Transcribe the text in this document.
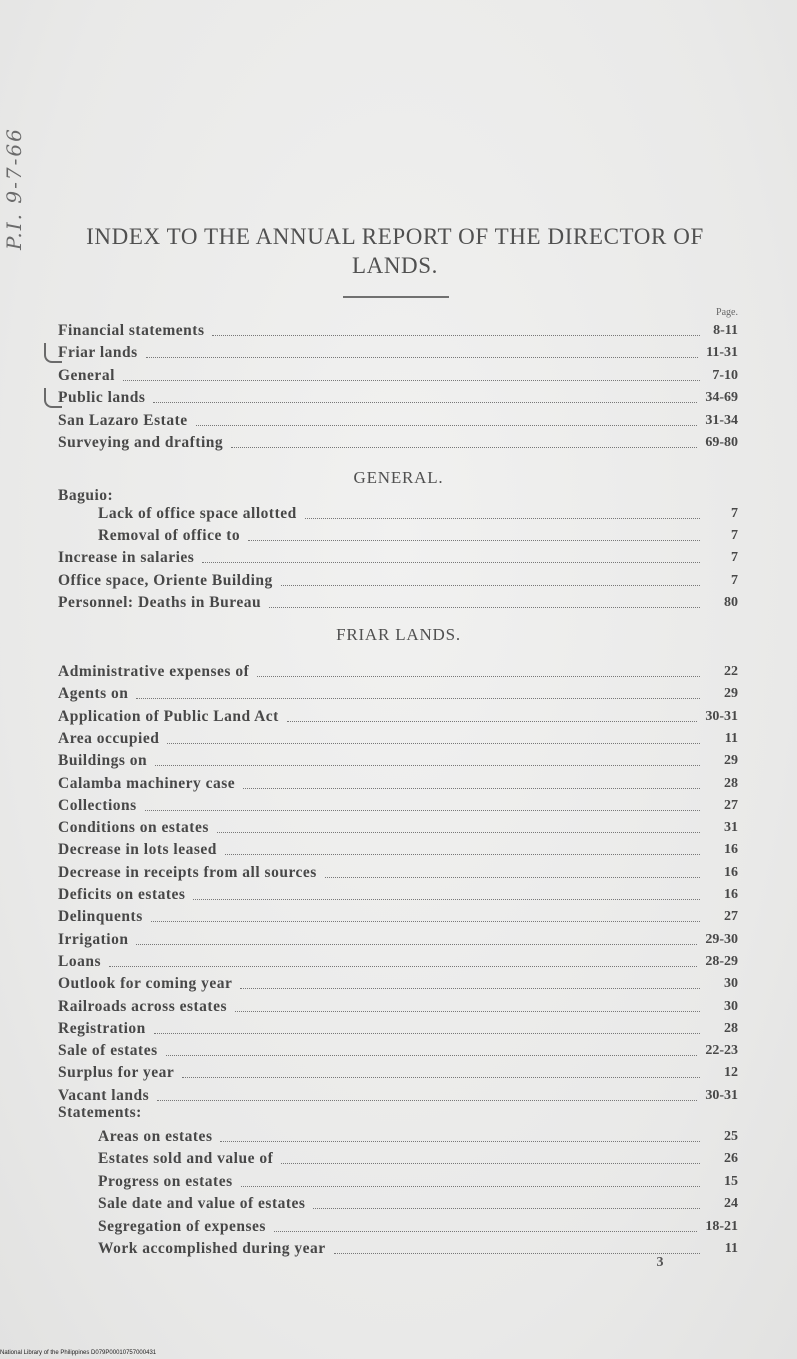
P.I. 9-7-66	INDEX TO THE ANNUAL REPORT OF THE DIRECTOR OF LANDS.
Page.
Financial statements	8-11
Friar lands	11-31
General	7-10
Public lands	34-69
San Lazaro Estate	31-34
Surveying and drafting	69-80
GENERAL.
Baguio:
Lack of office space allotted	7
Removal of office to	7
Increase in salaries	7
Office space, Oriente Building	7
Personnel: Deaths in Bureau	80
FRIAR LANDS.
Administrative expenses of	22
Agents on	29
Application of Public Land Act	30-31
Area occupied	11
Buildings on	29
Calamba machinery case	28
Collections	27
Conditions on estates	31
Decrease in lots leased	16
Decrease in receipts from all sources	16
Deficits on estates	16
Delinquents	27
Irrigation	29-30
Loans	28-29
Outlook for coming year	30
Railroads across estates	30
Registration	28
Sale of estates	22-23
Surplus for year	12
Vacant lands	30-31
Statements:
Areas on estates	25
Estates sold and value of	26
Progress on estates	15
Sale date and value of estates	24
Segregation of expenses	18-21
Work accomplished during year	11
3
National Library of the Philippines D079P00010757000431
